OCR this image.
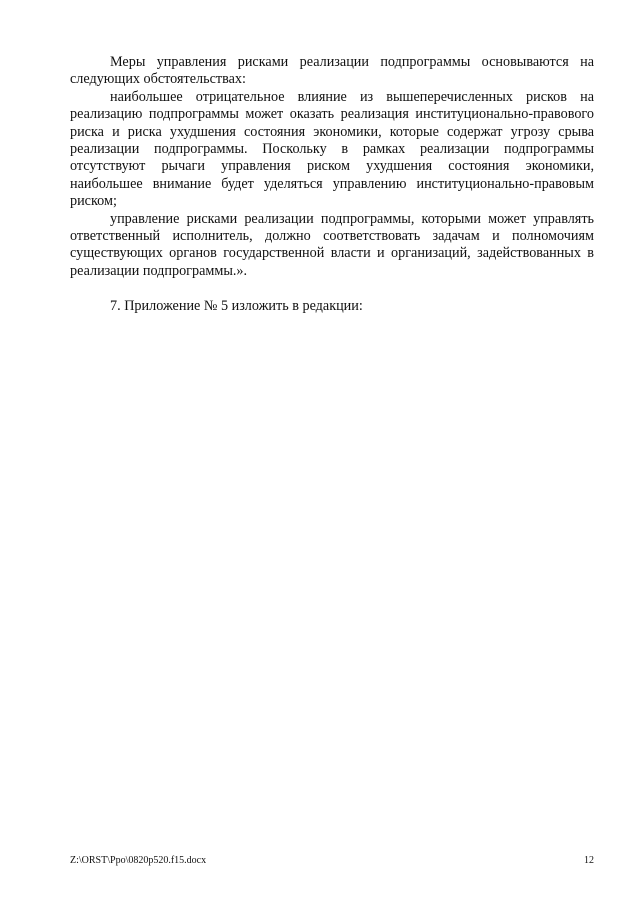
Меры управления рисками реализации подпрограммы основываются на следующих обстоятельствах:

наибольшее отрицательное влияние из вышеперечисленных рисков на реализацию подпрограммы может оказать реализация институционально-правового риска и риска ухудшения состояния экономики, которые содержат угрозу срыва реализации подпрограммы. Поскольку в рамках реализации подпрограммы отсутствуют рычаги управления риском ухудшения состояния экономики, наибольшее внимание будет уделяться управлению институционально-правовым риском;

управление рисками реализации подпрограммы, которыми может управлять ответственный исполнитель, должно соответствовать задачам и полномочиям существующих органов государственной власти и организаций, задействованных в реализации подпрограммы.».

7. Приложение № 5 изложить в редакции:

Z:\ORST\Ppo\0820p520.f15.docx	12
